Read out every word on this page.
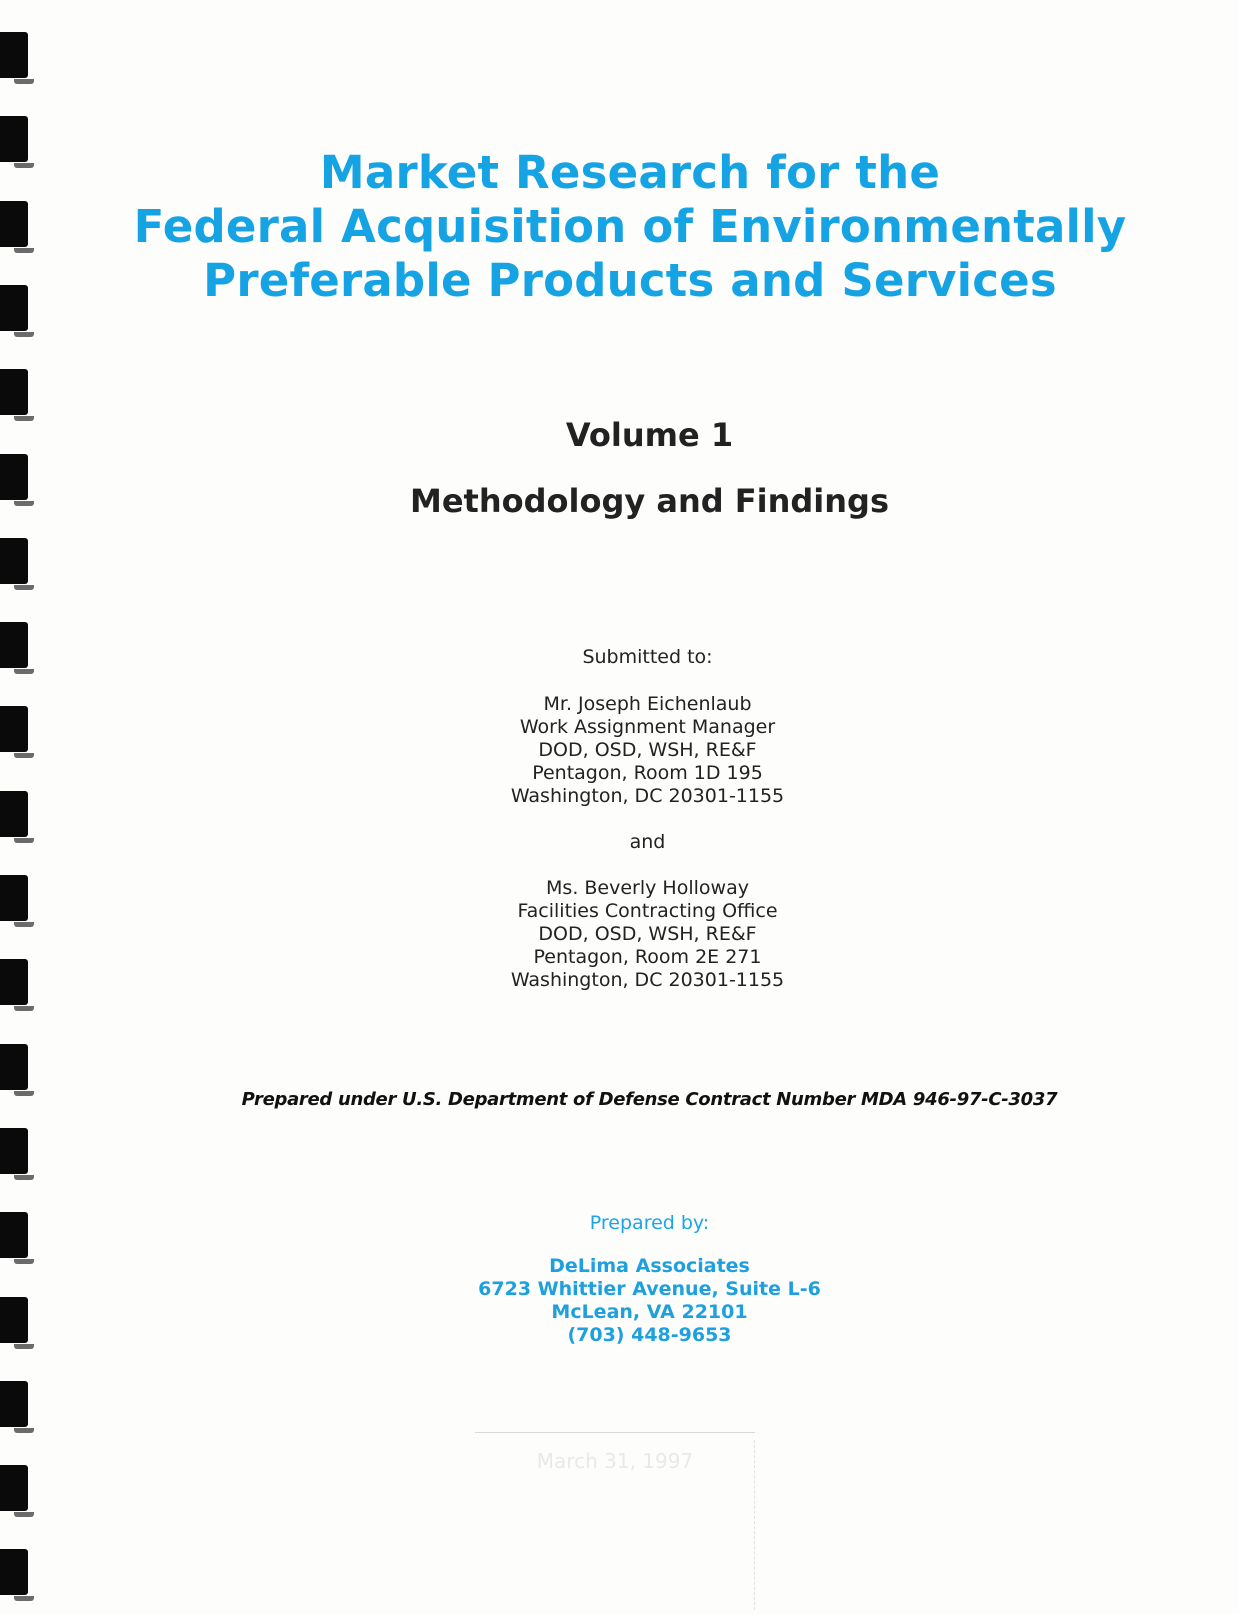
Market Research for the
Federal Acquisition of Environmentally
Preferable Products and Services
Volume 1
Methodology and Findings
Submitted to:
Mr. Joseph Eichenlaub
Work Assignment Manager
DOD, OSD, WSH, RE&F
Pentagon, Room 1D 195
Washington, DC 20301-1155
and
Ms. Beverly Holloway
Facilities Contracting Office
DOD, OSD, WSH, RE&F
Pentagon, Room 2E 271
Washington, DC 20301-1155
Prepared under U.S. Department of Defense Contract Number MDA 946-97-C-3037
Prepared by:
DeLima Associates
6723 Whittier Avenue, Suite L-6
McLean, VA 22101
(703) 448-9653
March 31, 1997
